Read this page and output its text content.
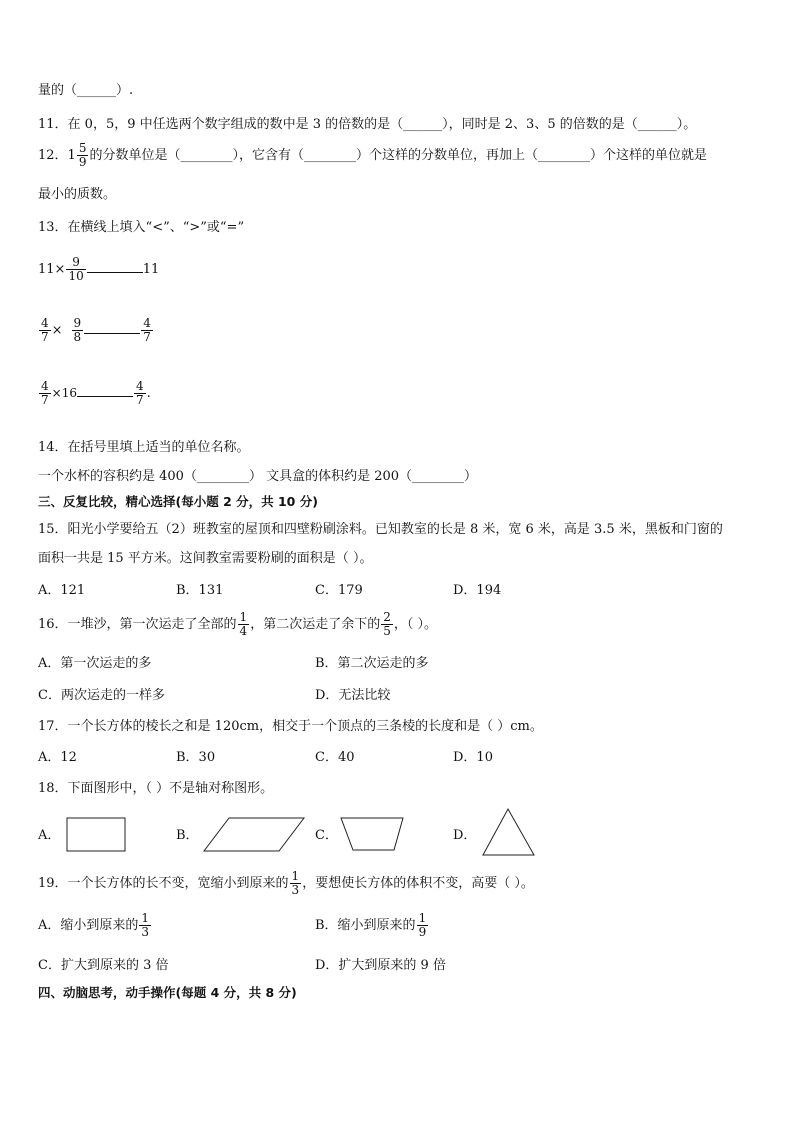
量的（______）.
11．在 0，5，9 中任选两个数字组成的数中是 3 的倍数的是（______），同时是 2、3、5 的倍数的是（______）。
12．$1 \frac{5}{9}$ 的分数单位是（________），它含有（________）个这样的分数单位，再加上（________）个这样的单位就是
最小的质数。
13．在横线上填入“<”、“>”或“=”
$11\times \frac{9}{10}$	11
$\frac{4}{7} \times \frac{9}{8}$	$\frac{4}{7}$
$\frac{4}{7} \times 16$	$\frac{4}{7}$ .
14．在括号里填上适当的单位名称。
一个水杯的容积约是 400（________） 文具盒的体积约是 200（________）
三、反复比较，精心选择(每小题 2 分，共 10 分)
15．阳光小学要给五（2）班教室的屋顶和四壁粉刷涂料。已知教室的长是 8 米，宽 6 米，高是 3.5 米，黑板和门窗的
面积一共是 15 平方米。这间教室需要粉刷的面积是（ ）。
A．121	B．131	C．179	D．194
16．一堆沙，第一次运走了全部的 $\frac{1}{4}$ ，第二次运走了余下的 $\frac{2}{5}$ ，（ ）。
A．第一次运走的多	B．第二次运走的多
C．两次运走的一样多	D．无法比较
17．一个长方体的棱长之和是 120cm，相交于一个顶点的三条棱的长度和是（ ）cm。
A．12	B．30	C．40	D．10
18．下面图形中，（ ）不是轴对称图形。
A．	B．	C．	D．
19．一个长方体的长不变，宽缩小到原来的 $\frac{1}{3}$ ，要想使长方体的体积不变，高要（ ）。
A．缩小到原来的 $\frac{1}{3}$	B．缩小到原来的 $\frac{1}{9}$
C．扩大到原来的 3 倍	D．扩大到原来的 9 倍
四、动脑思考，动手操作(每题 4 分，共 8 分)
